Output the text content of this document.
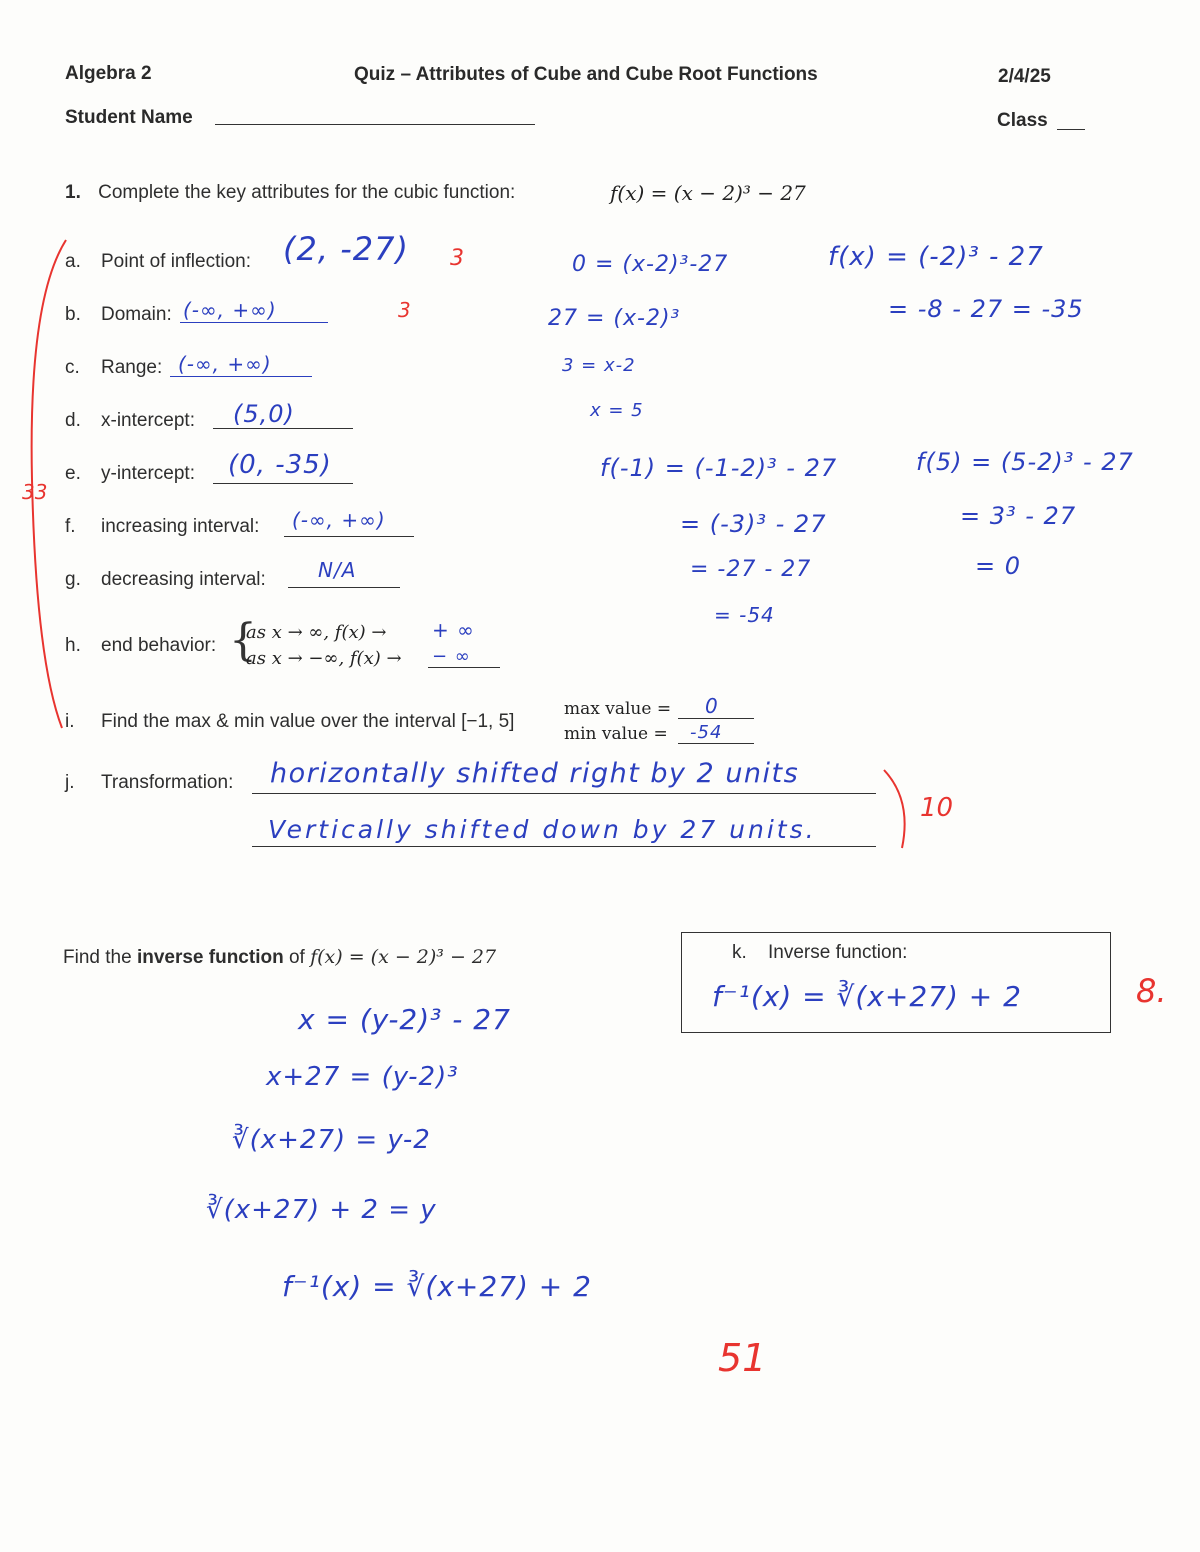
Algebra 2	Quiz – Attributes of Cube and Cube Root Functions	2/4/25
Student Name	Class
1. Complete the key attributes for the cubic function:	f(x) = (x − 2)³ − 27
a. Point of inflection: (2, -27)
b. Domain: (-∞, +∞)
c. Range: (-∞, +∞)
d. x-intercept: (5,0)
e. y-intercept: (0, -35)
f. increasing interval: (-∞, +∞)
g. decreasing interval:	N/A
h. end behavior: {
as x → ∞, f(x) → + ∞
as x → −∞, f(x) → − ∞
i. Find the max & min value over the interval [−1, 5]
max value = 0
min value = -54
j. Transformation: horizontally shifted right by 2 units
Vertically shifted down by 27 units.
0 = (x-2)³-27
27 = (x-2)³
3 = x-2
x = 5
f(x) = (-2)³ - 27
= -8 - 27 = -35
f(-1) = (-1-2)³ - 27
= (-3)³ - 27
= -27 - 27
= -54
f(5) = (5-2)³ - 27
= 3³ - 27
= 0
Find the inverse function of f(x) = (x − 2)³ − 27	k. Inverse function:
f⁻¹(x) = ∛(x+27) + 2
x = (y-2)³ - 27
x+27 = (y-2)³
∛(x+27) = y-2
∛(x+27) + 2 = y
f⁻¹(x) = ∛(x+27) + 2
3
3
33
10
8.
51
